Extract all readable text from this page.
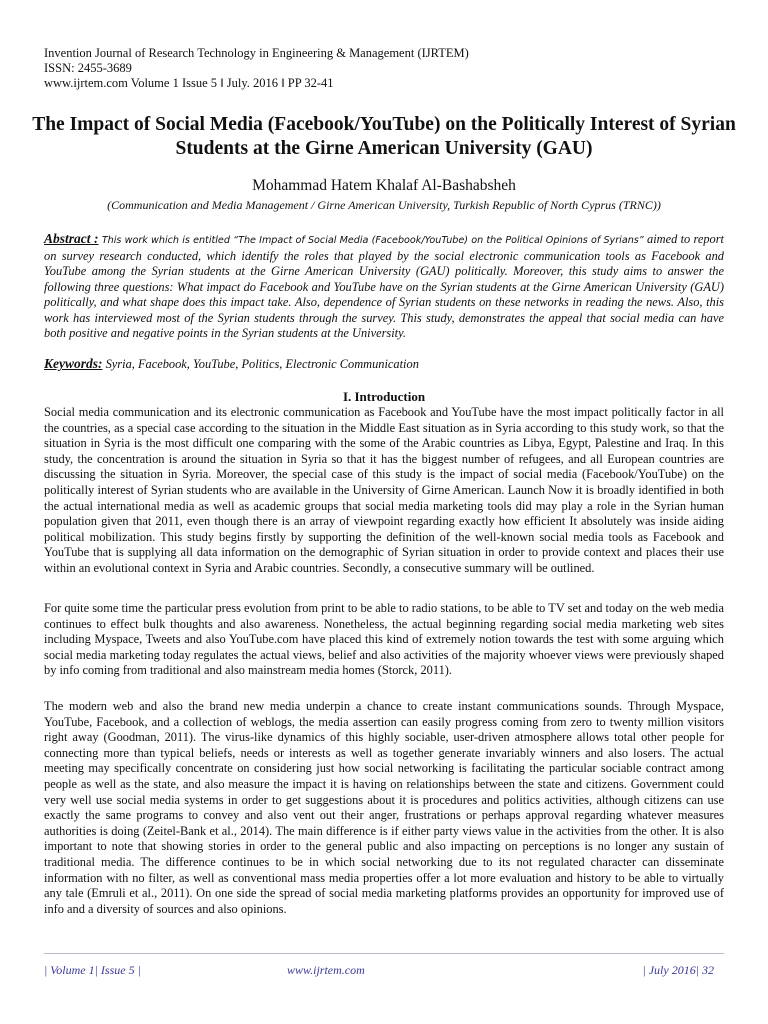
Invention Journal of Research Technology in Engineering & Management (IJRTEM)
ISSN: 2455-3689
www.ijrtem.com Volume 1 Issue 5 ǁ July. 2016 ǁ PP 32-41
The Impact of Social Media (Facebook/YouTube) on the Politically Interest of Syrian Students at the Girne American University (GAU)
Mohammad Hatem Khalaf Al-Bashabsheh
(Communication and Media Management / Girne American University, Turkish Republic of North Cyprus (TRNC))
Abstract : This work which is entitled “The Impact of Social Media (Facebook/YouTube) on the Political Opinions of Syrians” aimed to report on survey research conducted, which identify the roles that played by the social electronic communication tools as Facebook and YouTube among the Syrian students at the Girne American University (GAU) politically. Moreover, this study aims to answer the following three questions: What impact do Facebook and YouTube have on the Syrian students at the Girne American University (GAU) politically, and what shape does this impact take. Also, dependence of Syrian students on these networks in reading the news. Also, this work has interviewed most of the Syrian students through the survey. This study, demonstrates the appeal that social media can have both positive and negative points in the Syrian students at the University.
Keywords: Syria, Facebook, YouTube, Politics, Electronic Communication
I. Introduction

Social media communication and its electronic communication as Facebook and YouTube have the most impact politically factor in all the countries, as a special case according to the situation in the Middle East situation as in Syria according to this study work, so that the situation in Syria is the most difficult one comparing with the some of the Arabic countries as Libya, Egypt, Palestine and Iraq. In this study, the concentration is around the situation in Syria so that it has the biggest number of refugees, and all European countries are discussing the situation in Syria. Moreover, the special case of this study is the impact of social media (Facebook/YouTube) on the politically interest of Syrian students who are available in the University of Girne American. Launch Now it is broadly identified in both the actual international media as well as academic groups that social media marketing tools did may play a role in the Syrian human population given that 2011, even though there is an array of viewpoint regarding exactly how efficient It absolutely was inside aiding political mobilization. This study begins firstly by supporting the definition of the well-known social media tools as Facebook and YouTube that is supplying all data information on the demographic of Syrian situation in order to provide context and places their use within an evolutional context in Syria and Arabic countries. Secondly, a consecutive summary will be outlined.

For quite some time the particular press evolution from print to be able to radio stations, to be able to TV set and today on the web media continues to effect bulk thoughts and also awareness. Nonetheless, the actual beginning regarding social media marketing web sites including Myspace, Tweets and also YouTube.com have placed this kind of extremely notion towards the test with some arguing which social media marketing today regulates the actual views, belief and also activities of the majority whoever views were previously shaped by info coming from traditional and also mainstream media homes (Storck, 2011).

The modern web and also the brand new media underpin a chance to create instant communications sounds. Through Myspace, YouTube, Facebook, and a collection of weblogs, the media assertion can easily progress coming from zero to twenty million visitors right away (Goodman, 2011). The virus-like dynamics of this highly sociable, user-driven atmosphere allows total other people for connecting more than typical beliefs, needs or interests as well as together generate invariably winners and also losers. The actual meeting may specifically concentrate on considering just how social networking is facilitating the particular sociable contract among people as well as the state, and also measure the impact it is having on relationships between the state and citizens. Government could very well use social media systems in order to get suggestions about it is procedures and politics activities, although citizens can use exactly the same programs to convey and also vent out their anger, frustrations or perhaps approval regarding whatever measures authorities is doing (Zeitel-Bank et al., 2014). The main difference is if either party views value in the activities from the other. It is also important to note that showing stories in order to the general public and also impacting on perceptions is no longer any sustain of traditional media. The difference continues to be in which social networking due to its not regulated character can disseminate information with no filter, as well as conventional mass media properties offer a lot more evaluation and history to be able to virtually any tale (Emruli et al., 2011). On one side the spread of social media marketing platforms provides an opportunity for improved use of info and a diversity of sources and also opinions.

| Volume 1| Issue 5 |	www.ijrtem.com	| July 2016| 32
